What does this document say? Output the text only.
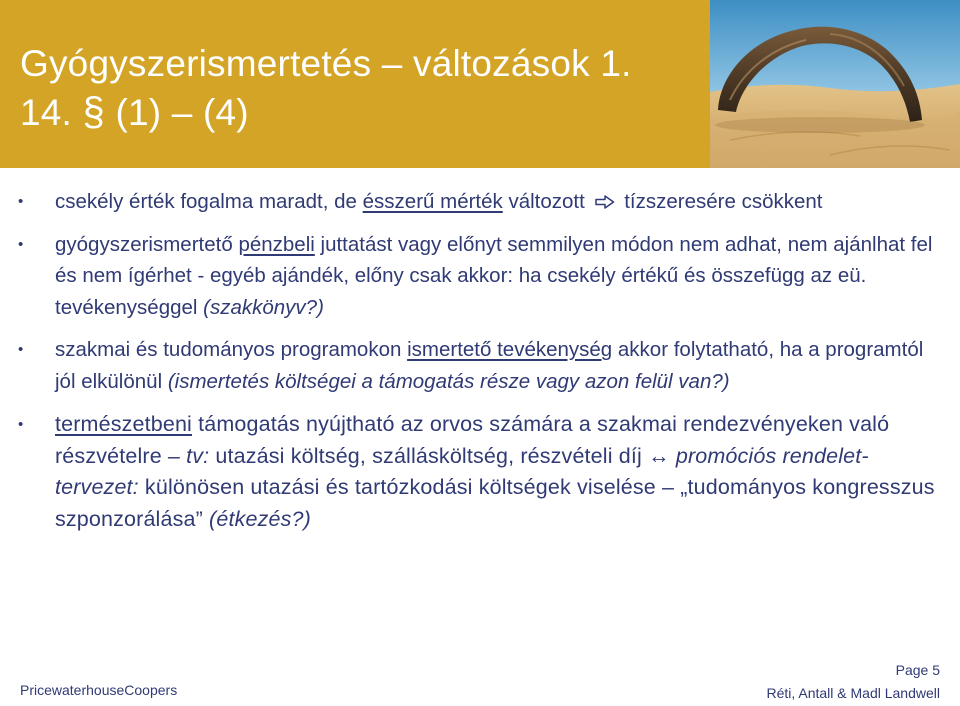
Gyógyszerismertetés – változások 1.
14. § (1) – (4)
• csekély érték fogalma maradt, de ésszerű mérték változott  tízszeresére csökkent
• gyógyszerismertető pénzbeli juttatást vagy előnyt semmilyen módon nem adhat, nem ajánlhat fel és nem ígérhet - egyéb ajándék, előny csak akkor: ha csekély értékű és összefügg az eü. tevékenységgel (szakkönyv?)
• szakmai és tudományos programokon ismertető tevékenység akkor folytatható, ha a programtól jól elkülönül (ismertetés költségei a támogatás része vagy azon felül van?)
• természetbeni támogatás nyújtható az orvos számára a szakmai rendezvényeken való részvételre – tv: utazási költség, szállásköltség, részvételi díj ↔ promóciós rendelet-tervezet: különösen utazási és tartózkodási költségek viselése – „tudományos kongresszus szponzorálása” (étkezés?)
PricewaterhouseCoopers
Page 5
Réti, Antall & Madl Landwell
